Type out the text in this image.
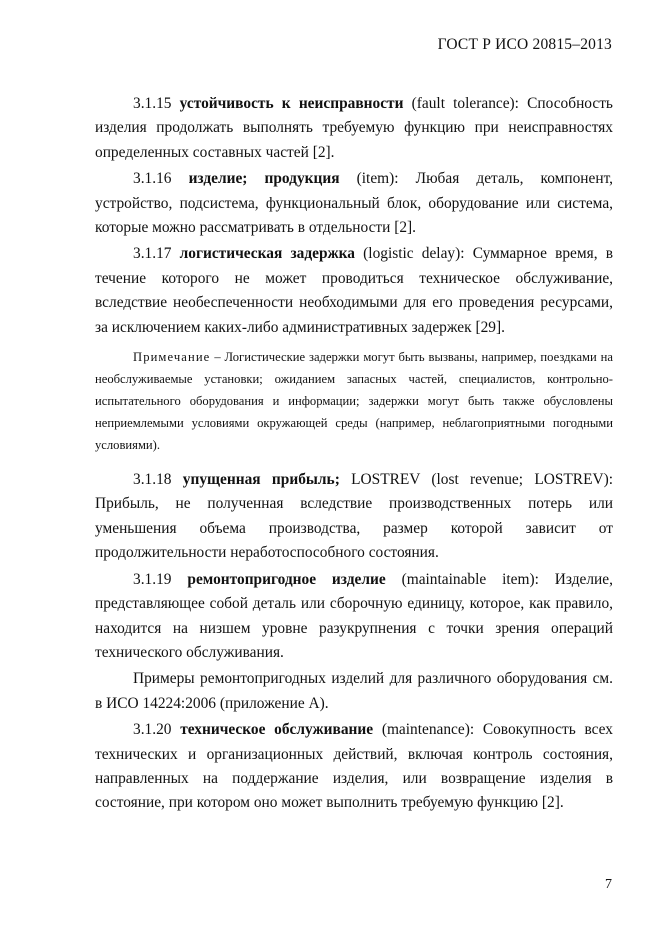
ГОСТ Р ИСО 20815–2013

3.1.15 устойчивость к неисправности (fault tolerance): Способность изделия продолжать выполнять требуемую функцию при неисправностях определенных составных частей [2].

3.1.16 изделие; продукция (item): Любая деталь, компонент, устройство, подсистема, функциональный блок, оборудование или система, которые можно рассматривать в отдельности [2].

3.1.17 логистическая задержка (logistic delay): Суммарное время, в течение которого не может проводиться техническое обслуживание, вследствие необеспеченности необходимыми для его проведения ресурсами, за исключением каких-либо административных задержек [29].

Примечание – Логистические задержки могут быть вызваны, например, поездками на необслуживаемые установки; ожиданием запасных частей, специалистов, контрольно-испытательного оборудования и информации; задержки могут быть также обусловлены неприемлемыми условиями окружающей среды (например, неблагоприятными погодными условиями).

3.1.18 упущенная прибыль; LOSTREV (lost revenue; LOSTREV): Прибыль, не полученная вследствие производственных потерь или уменьшения объема производства, размер которой зависит от продолжительности неработоспособного состояния.

3.1.19 ремонтопригодное изделие (maintainable item): Изделие, представляющее собой деталь или сборочную единицу, которое, как правило, находится на низшем уровне разукрупнения с точки зрения операций технического обслуживания.

Примеры ремонтопригодных изделий для различного оборудования см. в ИСО 14224:2006 (приложение А).

3.1.20 техническое обслуживание (maintenance): Совокупность всех технических и организационных действий, включая контроль состояния, направленных на поддержание изделия, или возвращение изделия в состояние, при котором оно может выполнить требуемую функцию [2].

7
